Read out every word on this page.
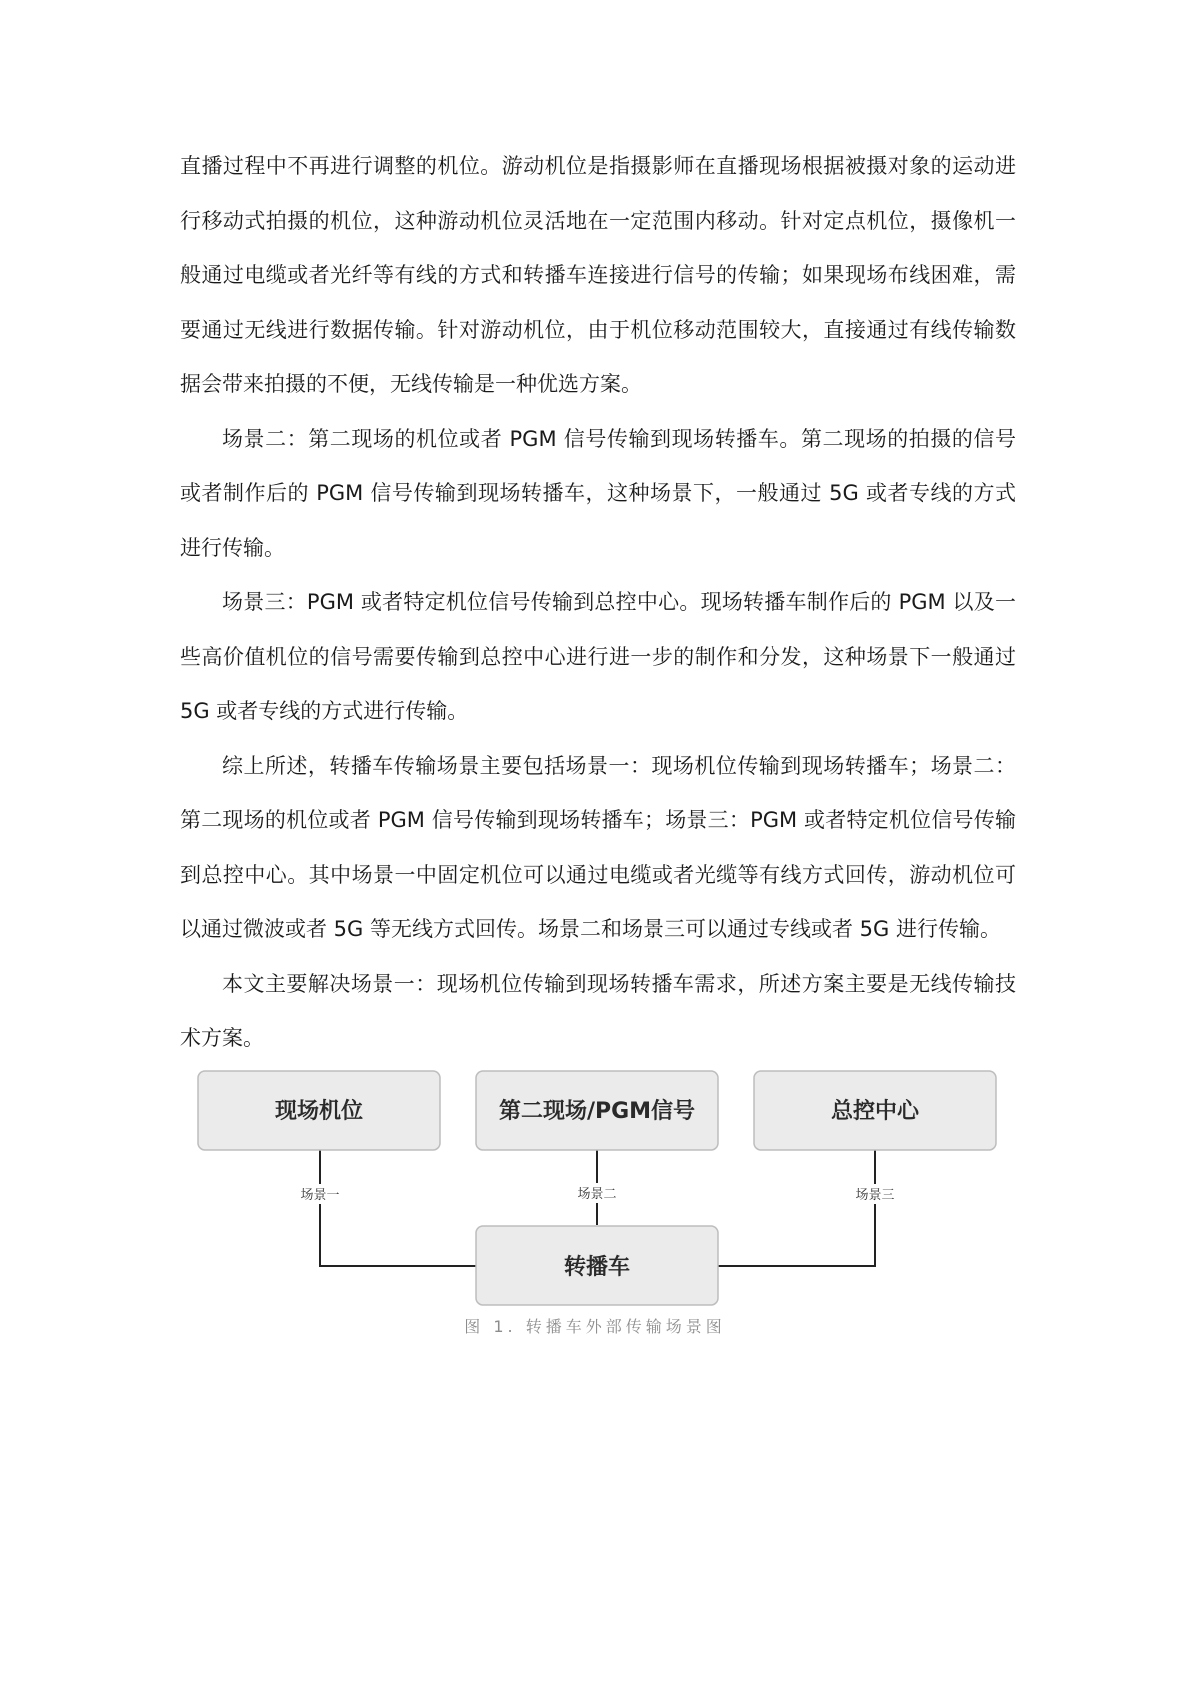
直播过程中不再进行调整的机位。游动机位是指摄影师在直播现场根据被摄对象的运动进行移动式拍摄的机位，这种游动机位灵活地在一定范围内移动。针对定点机位，摄像机一般通过电缆或者光纤等有线的方式和转播车连接进行信号的传输；如果现场布线困难，需要通过无线进行数据传输。针对游动机位，由于机位移动范围较大，直接通过有线传输数据会带来拍摄的不便，无线传输是一种优选方案。

场景二：第二现场的机位或者 PGM 信号传输到现场转播车。第二现场的拍摄的信号或者制作后的 PGM 信号传输到现场转播车，这种场景下，一般通过 5G 或者专线的方式进行传输。

场景三：PGM 或者特定机位信号传输到总控中心。现场转播车制作后的 PGM 以及一些高价值机位的信号需要传输到总控中心进行进一步的制作和分发，这种场景下一般通过 5G 或者专线的方式进行传输。

综上所述，转播车传输场景主要包括场景一：现场机位传输到现场转播车；场景二：第二现场的机位或者 PGM 信号传输到现场转播车；场景三：PGM 或者特定机位信号传输到总控中心。其中场景一中固定机位可以通过电缆或者光缆等有线方式回传，游动机位可以通过微波或者 5G 等无线方式回传。场景二和场景三可以通过专线或者 5G 进行传输。

本文主要解决场景一：现场机位传输到现场转播车需求，所述方案主要是无线传输技术方案。

现场机位	第二现场/PGM信号	总控中心
转播车
场景一	场景二	场景三
图 1. 转播车外部传输场景图
